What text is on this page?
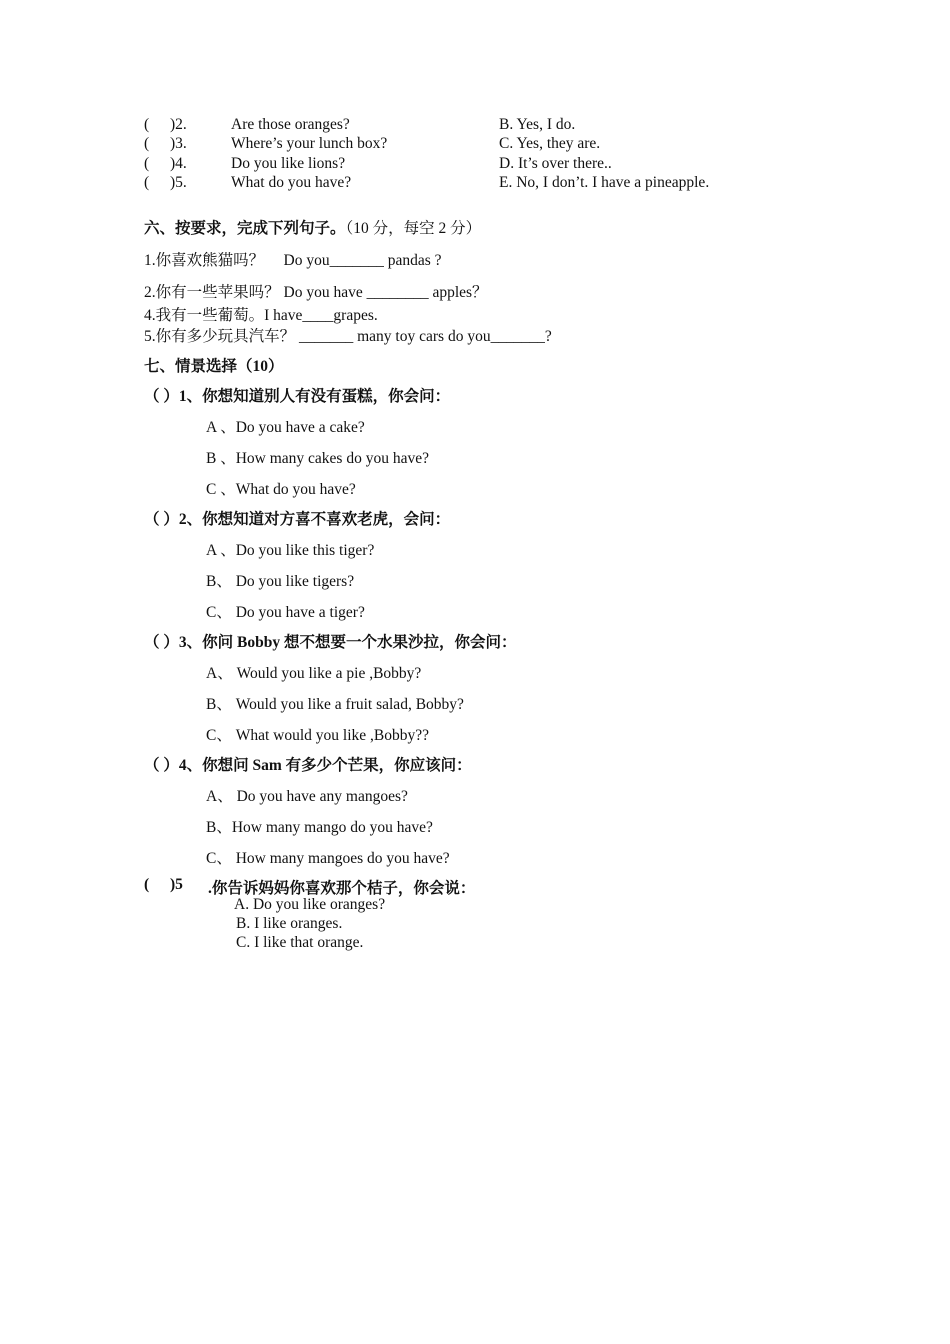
( )2.	Are those oranges?	B. Yes, I do.
( )3.	Where’s your lunch box?	C. Yes, they are.
( )4.	Do you like lions?	D. It’s over there..
( )5.	What do you have?	E. No, I don’t. I have a pineapple.
六、按要求，完成下列句子。（10 分，每空 2 分）
1.你喜欢熊猫吗？　 Do you_______ pandas ?
2.你有一些苹果吗？ Do you have ________ apples？
4.我有一些葡萄。I have____grapes.
5.你有多少玩具汽车？ _______ many toy cars do you_______?
七、情景选择（10）
（ ）1、你想知道别人有没有蛋糕，你会问：
A 、Do you have a cake?
B 、How many cakes do you have?
C 、What do you have?
（ ）2、你想知道对方喜不喜欢老虎，会问：
A 、Do you like this tiger?
B、 Do you like tigers?
C、 Do you have a tiger?
（ ）3、你问 Bobby 想不想要一个水果沙拉，你会问：
A、 Would you like a pie ,Bobby?
B、 Would you like a fruit salad, Bobby?
C、 What would you like ,Bobby??
（ ）4、你想问 Sam 有多少个芒果，你应该问：
A、 Do you have any mangoes?
B、How many mango do you have?
C、 How many mangoes do you have?
( )5 .你告诉妈妈你喜欢那个桔子，你会说：
A. Do you like oranges?
B. I like oranges.
C. I like that orange.
